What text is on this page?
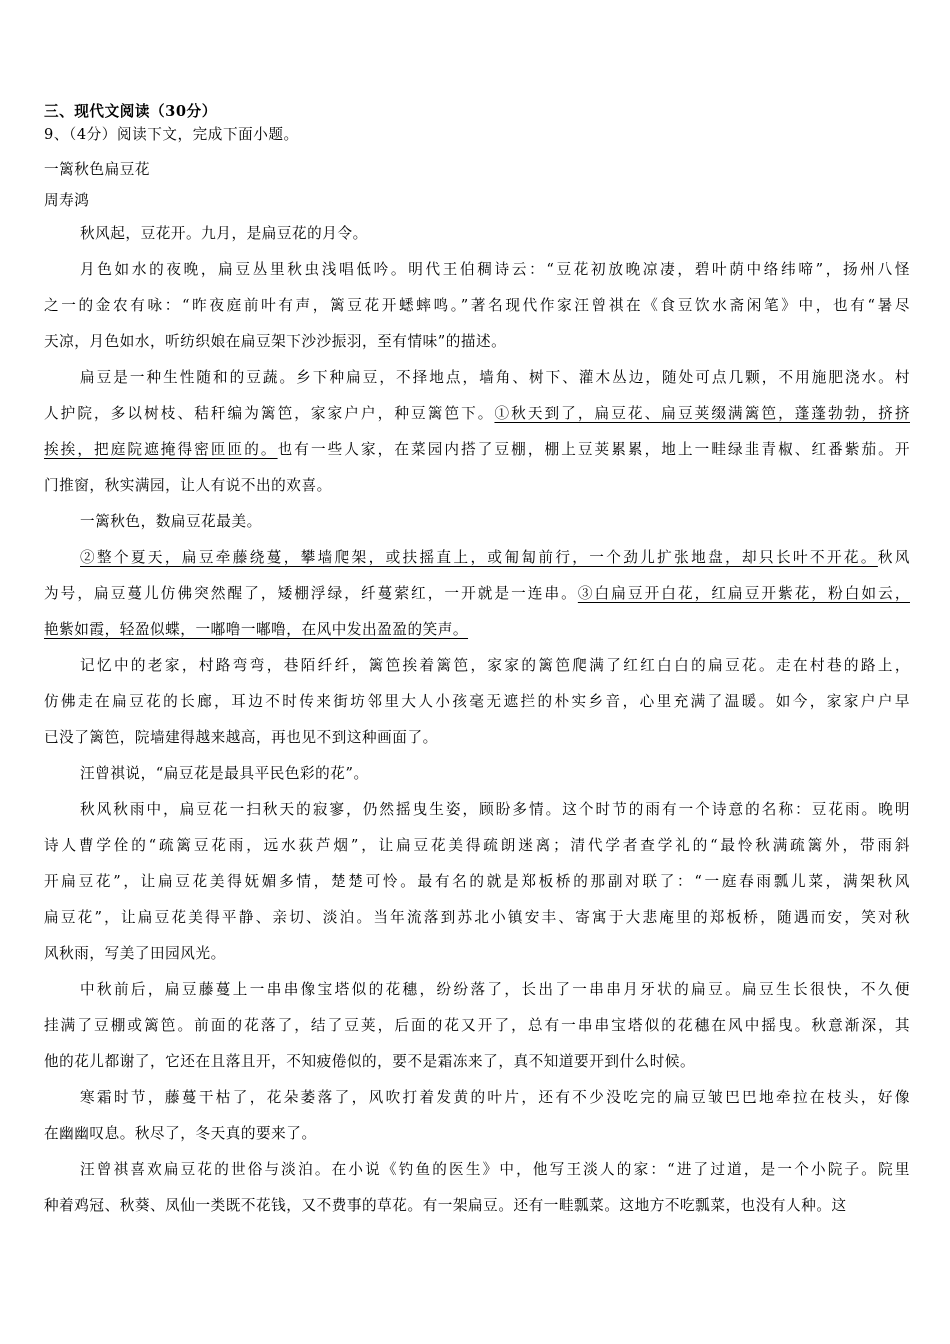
三、现代文阅读（30分）
9、（4分）阅读下文，完成下面小题。
一篱秋色扁豆花
周寿鸿
秋风起，豆花开。九月，是扁豆花的月令。
月色如水的夜晚，扁豆丛里秋虫浅唱低吟。明代王伯稠诗云：“豆花初放晚凉凄，碧叶荫中络纬啼”，扬州八怪
之一的金农有咏：“昨夜庭前叶有声，篱豆花开蟋蟀鸣。”著名现代作家汪曾祺在《食豆饮水斋闲笔》中，也有“暑尽
天凉，月色如水，听纺织娘在扁豆架下沙沙振羽，至有情味”的描述。
扁豆是一种生性随和的豆蔬。乡下种扁豆，不择地点，墙角、树下、灌木丛边，随处可点几颗，不用施肥浇水。村
人护院，多以树枝、秸秆编为篱笆，家家户户，种豆篱笆下。①秋天到了，扁豆花、扁豆荚缀满篱笆，蓬蓬勃勃，挤挤
挨挨，把庭院遮掩得密匝匝的。也有一些人家，在菜园内搭了豆棚，棚上豆荚累累，地上一畦绿韭青椒、红番紫茄。开
门推窗，秋实满园，让人有说不出的欢喜。
一篱秋色，数扁豆花最美。
②整个夏天，扁豆牵藤绕蔓，攀墙爬架，或扶摇直上，或匍匐前行，一个劲儿扩张地盘，却只长叶不开花。秋风
为号，扁豆蔓儿仿佛突然醒了，矮棚浮绿，纤蔓萦红，一开就是一连串。③白扁豆开白花，红扁豆开紫花，粉白如云，
艳紫如霞，轻盈似蝶，一嘟噜一嘟噜，在风中发出盈盈的笑声。
记忆中的老家，村路弯弯，巷陌纤纤，篱笆挨着篱笆，家家的篱笆爬满了红红白白的扁豆花。走在村巷的路上，
仿佛走在扁豆花的长廊，耳边不时传来街坊邻里大人小孩毫无遮拦的朴实乡音，心里充满了温暖。如今，家家户户早
已没了篱笆，院墙建得越来越高，再也见不到这种画面了。
汪曾祺说，“扁豆花是最具平民色彩的花”。
秋风秋雨中，扁豆花一扫秋天的寂寥，仍然摇曳生姿，顾盼多情。这个时节的雨有一个诗意的名称：豆花雨。晚明
诗人曹学佺的“疏篱豆花雨，远水荻芦烟”，让扁豆花美得疏朗迷离；清代学者查学礼的“最怜秋满疏篱外，带雨斜
开扁豆花”，让扁豆花美得妩媚多情，楚楚可怜。最有名的就是郑板桥的那副对联了：“一庭春雨瓢儿菜，满架秋风
扁豆花”，让扁豆花美得平静、亲切、淡泊。当年流落到苏北小镇安丰、寄寓于大悲庵里的郑板桥，随遇而安，笑对秋
风秋雨，写美了田园风光。
中秋前后，扁豆藤蔓上一串串像宝塔似的花穗，纷纷落了，长出了一串串月牙状的扁豆。扁豆生长很快，不久便
挂满了豆棚或篱笆。前面的花落了，结了豆荚，后面的花又开了，总有一串串宝塔似的花穗在风中摇曳。秋意渐深，其
他的花儿都谢了，它还在且落且开，不知疲倦似的，要不是霜冻来了，真不知道要开到什么时候。
寒霜时节，藤蔓干枯了，花朵萎落了，风吹打着发黄的叶片，还有不少没吃完的扁豆皱巴巴地牵拉在枝头，好像
在幽幽叹息。秋尽了，冬天真的要来了。
汪曾祺喜欢扁豆花的世俗与淡泊。在小说《钓鱼的医生》中，他写王淡人的家：“进了过道，是一个小院子。院里
种着鸡冠、秋葵、凤仙一类既不花钱，又不费事的草花。有一架扁豆。还有一畦瓢菜。这地方不吃瓢菜，也没有人种。这
